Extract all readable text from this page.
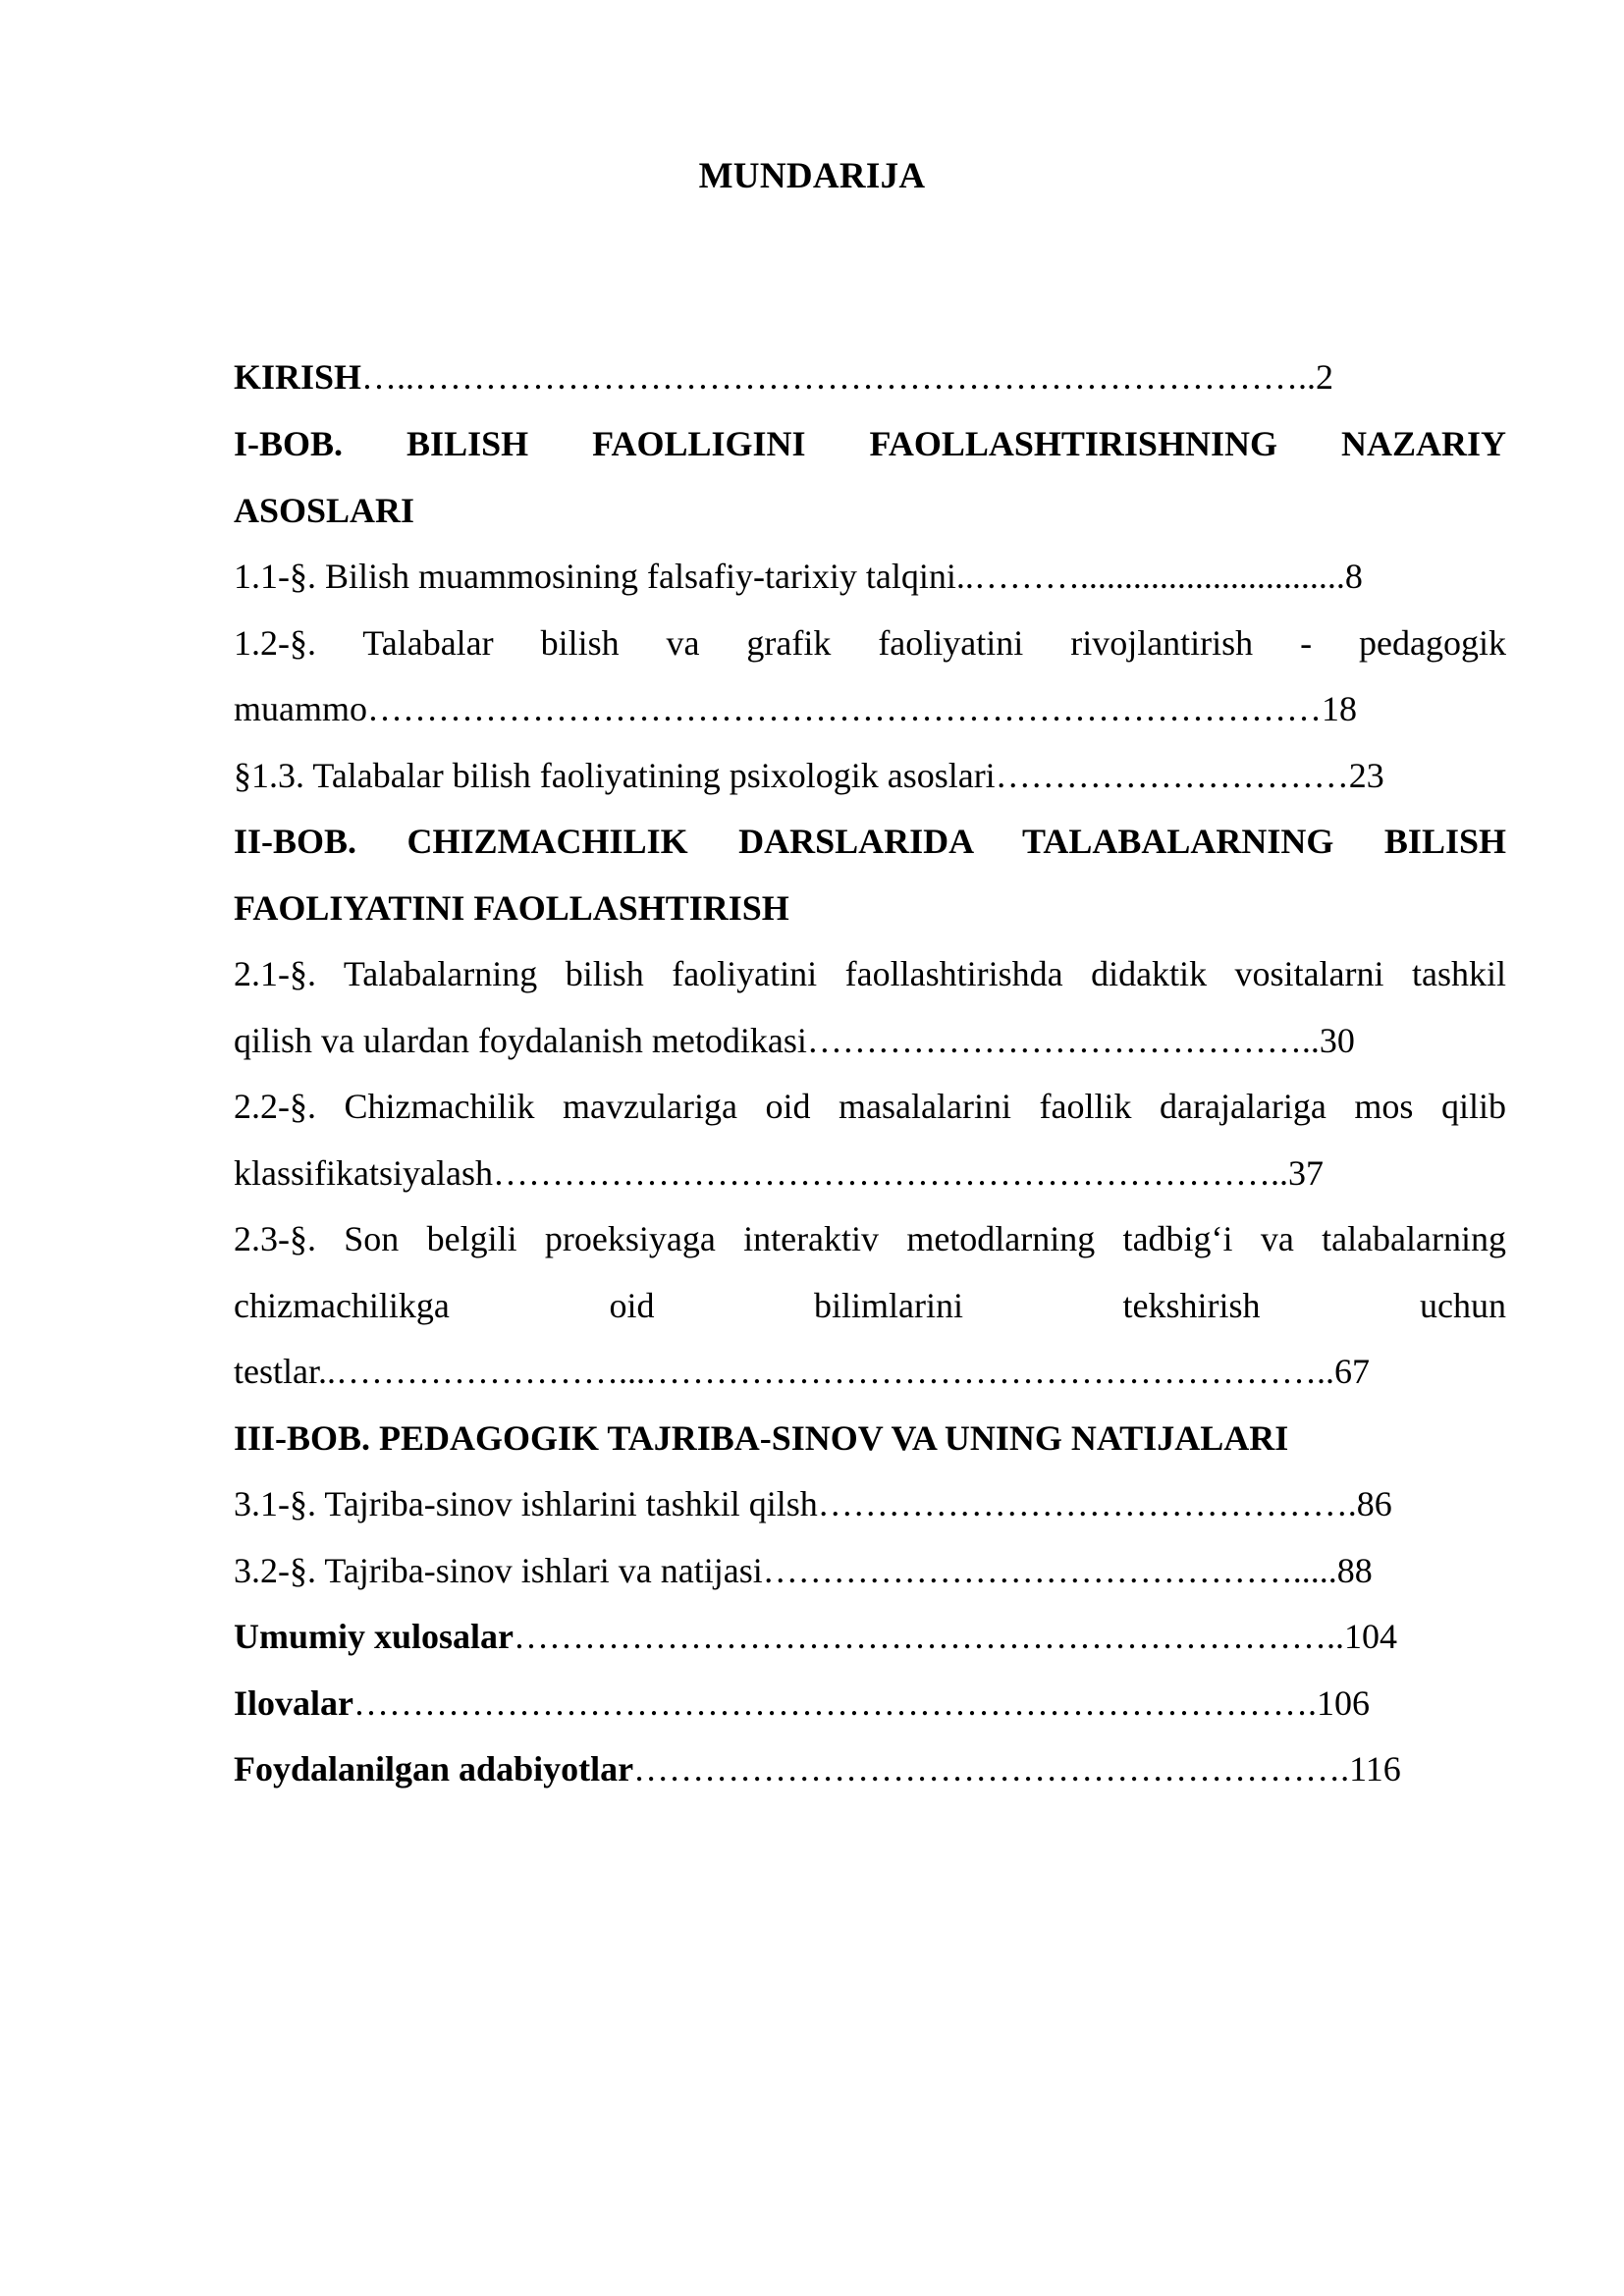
MUNDARIJA
KIRISH…..…………………………………………………………………..2
I-BOB. BILISH FAOLLIGINI FAOLLASHTIRISHNING NAZARIY
ASOSLARI
1.1-§. Bilish muammosining falsafiy-tarixiy talqini..………..............................8
1.2-§. Talabalar bilish va grafik faoliyatini rivojlantirish - pedagogik
muammo………………………………………………………………………18
§1.3. Talabalar bilish faoliyatining psixologik asoslari…………………………23
II-BOB. CHIZMACHILIK DARSLARIDA TALABALARNING BILISH
FAOLIYATINI FAOLLASHTIRISH
2.1-§. Talabalarning bilish faoliyatini faollashtirishda didaktik vositalarni tashkil
qilish va ulardan foydalanish metodikasi……………………………………..30
2.2-§. Chizmachilik mavzulariga oid masalalarini faollik darajalariga mos qilib
klassifikatsiyalash…………………………………………………………..37
2.3-§. Son belgili proeksiyaga interaktiv metodlarning tadbig‘i va talabalarning
chizmachilikga oid bilimlarini tekshirish uchun
testlar..……………………...…………………………………………………..67
III-BOB. PEDAGOGIK TAJRIBA-SINOV VA UNING NATIJALARI
3.1-§. Tajriba-sinov ishlarini tashkil qilsh……………………………………….86
3.2-§. Tajriba-sinov ishlari va natijasi……………………………………….....88
Umumiy xulosalar……………………………………………………………..104
Ilovalar……………………………………………………………………….106
Foydalanilgan adabiyotlar…………………………………………………….116
